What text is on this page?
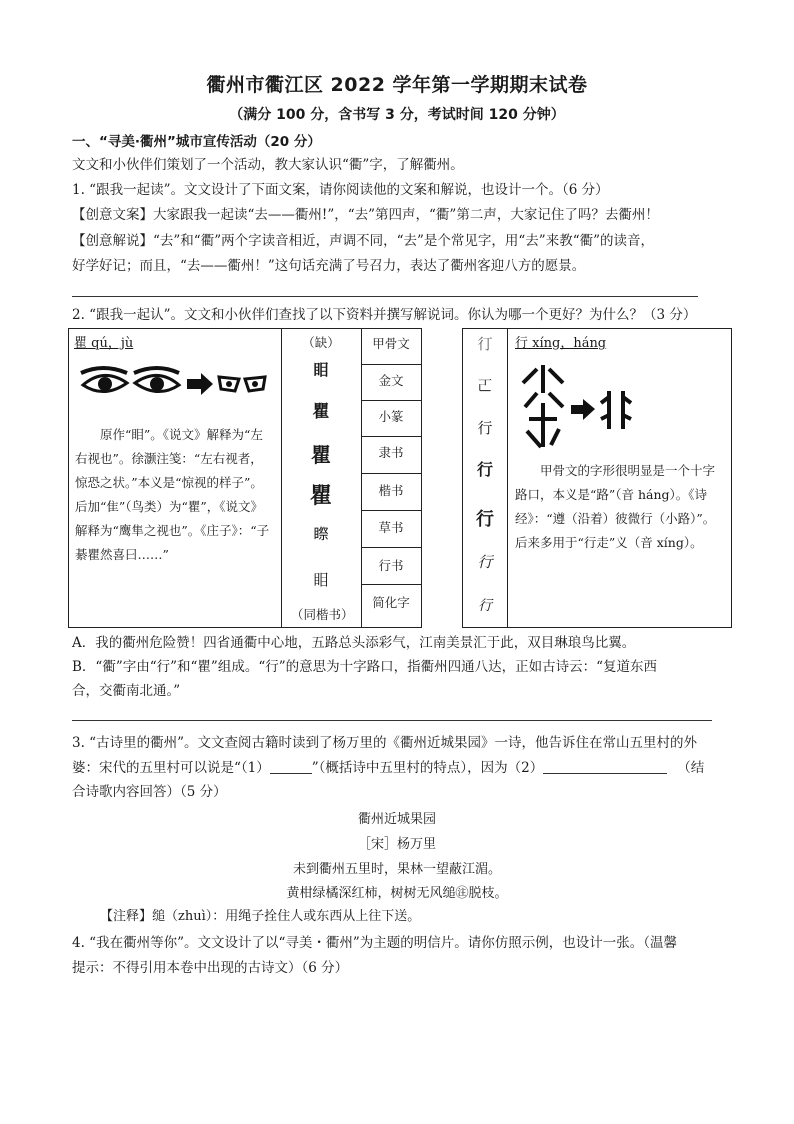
衢州市衢江区 2022 学年第一学期期末试卷
（满分 100 分，含书写 3 分，考试时间 120 分钟）
一、“寻美·衢州”城市宣传活动（20 分）
文文和小伙伴们策划了一个活动，教大家认识“衢”字，了解衢州。
1. “跟我一起读”。文文设计了下面文案，请你阅读他的文案和解说，也设计一个。（6 分）
【创意文案】大家跟我一起读“去——衢州!”，“去”第四声，“衢”第二声，大家记住了吗？去衢州！
【创意解说】“去”和“衢”两个字读音相近，声调不同，“去”是个常见字，用“去”来教“衢”的读音，
好学好记；而且，“去——衢州！”这句话充满了号召力，表达了衢州客迎八方的愿景。
2. “跟我一起认”。文文和小伙伴们查找了以下资料并撰写解说词。你认为哪一个更好？为什么？（3 分）
瞿 qú，jù
原作“䀠”。《说文》解释为“左右视也”。徐灏注笺：“左右视者，惊恐之状。”本义是“惊视的样子”。后加“隹”（鸟类）为“瞿”，《说文》解释为“鹰隼之视也”。《庄子》：“子綦瞿然喜曰……”
（缺）
䀠
瞿
瞿
瞿
𥉻
䀠
（同楷书）
甲骨文
金文
小篆
隶书
楷书
草书
行书
简化字
㣔
𠀀
行
行
行
行
行
行 xíng，háng
甲骨文的字形很明显是一个十字路口，本义是“路”（音 háng）。《诗经》：“遵（沿着）彼微行（小路）”。后来多用于“行走”义（音 xíng）。
A．我的衢州危险赞！四省通衢中心地，五路总头添彩气，江南美景汇于此，双目琳琅鸟比翼。
B．“衢”字由“行”和“瞿”组成。“行”的意思为十字路口，指衢州四通八达，正如古诗云：“复道东西
合，交衢南北通。”
3. “古诗里的衢州”。文文查阅古籍时读到了杨万里的《衢州近城果园》一诗，他告诉住在常山五里村的外
婆：宋代的五里村可以说是“（1）	”（概括诗中五里村的特点），因为（2）	（结
合诗歌内容回答）（5 分）
衢州近城果园
［宋］杨万里
未到衢州五里时，果林一望蔽江湄。
黄柑绿橘深红柿，树树无风缒㊟脱枝。
【注释】缒（zhuì）：用绳子拴住人或东西从上往下送。
4. “我在衢州等你”。文文设计了以“寻美・衢州”为主题的明信片。请你仿照示例，也设计一张。（温馨
提示：不得引用本卷中出现的古诗文）（6 分）
